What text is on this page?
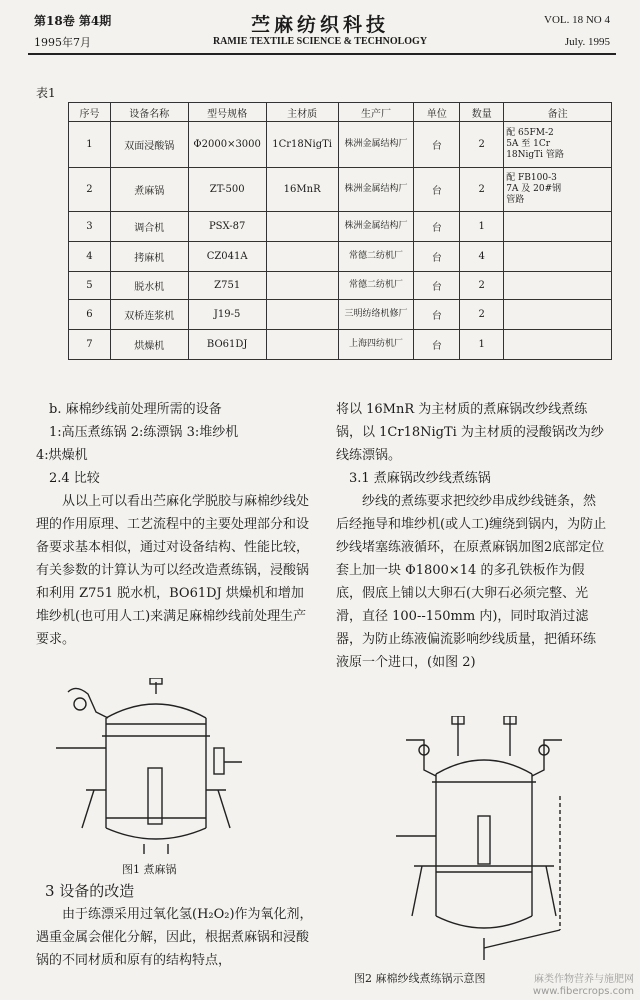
第18卷 第4期
1995年7月
苎麻纺织科技
RAMIE TEXTILE SCIENCE & TECHNOLOGY
VOL. 18 NO 4
July. 1995
表1
序号	设备名称	型号规格	主材质	生产厂	单位	数量	备注
1	双面浸酸锅	Φ2000×3000	1Cr18NigTi	株洲金属结构厂	台	2	配 65FM-2
5A 至 1Cr
18NigTi 管路
2	煮麻锅	ZT-500	16MnR	株洲金属结构厂	台	2	配 FB100-3
7A 及 20#钢
管路
3	调合机	PSX-87		株洲金属结构厂	台	1	
4	拷麻机	CZ041A		常德二纺机厂	台	4	
5	脱水机	Z751		常德二纺机厂	台	2	
6	双桥连浆机	J19-5		三明纺络机修厂	台	2	
7	烘燥机	BO61DJ		上海四纺机厂	台	1	

b. 麻棉纱线前处理所需的设备

1:高压煮练锅 2:练漂锅 3:堆纱机

4:烘燥机

2.4 比较

从以上可以看出苎麻化学脱胶与麻棉纱线处理的作用原理、工艺流程中的主要处理部分和设备要求基本相似，通过对设备结构、性能比较，有关参数的计算认为可以经改造煮练锅，浸酸锅和利用 Z751 脱水机，BO61DJ 烘燥机和增加堆纱机(也可用人工)来满足麻棉纱线前处理生产要求。

图1 煮麻锅

3 设备的改造

由于练漂采用过氧化氢(H₂O₂)作为氧化剂，遇重金属会催化分解，因此，根据煮麻锅和浸酸锅的不同材质和原有的结构特点，

将以 16MnR 为主材质的煮麻锅改纱线煮练锅，以 1Cr18NigTi 为主材质的浸酸锅改为纱线练漂锅。

3.1 煮麻锅改纱线煮练锅

纱线的煮练要求把绞纱串成纱线链条，然后经拖导和堆纱机(或人工)缠绕到锅内，为防止纱线堵塞练液循环，在原煮麻锅加图2底部定位套上加一块 Φ1800×14 的多孔铁板作为假底，假底上铺以大卵石(大卵石必须完整、光滑，直径 100--150mm 内)，同时取消过滤器，为防止练液偏流影响纱线质量，把循环练液原一个进口，(如图 2)

图2 麻棉纱线煮练锅示意图	麻类作物营养与施肥网
www.fibercrops.com
